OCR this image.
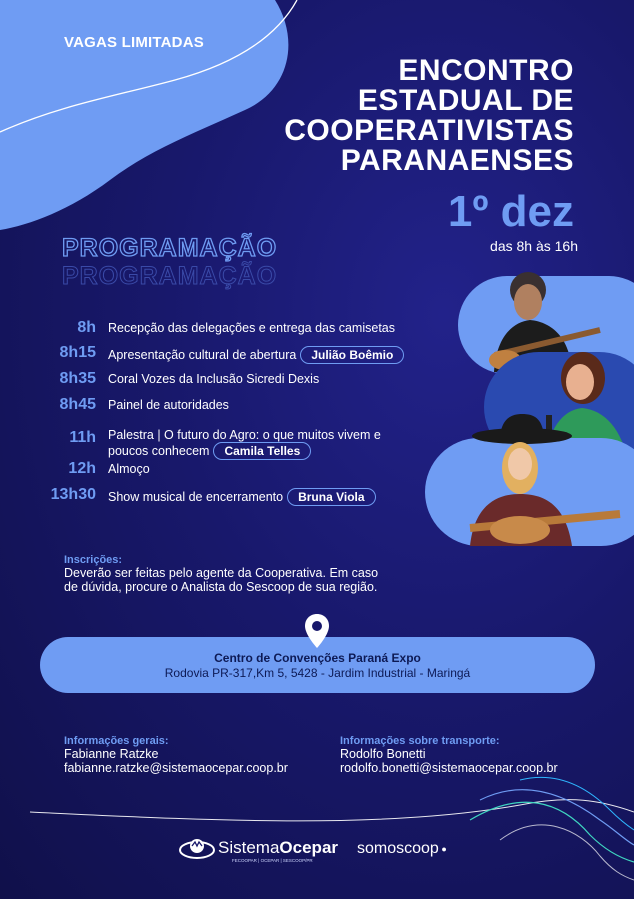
VAGAS LIMITADAS
ENCONTRO
ESTADUAL DE
COOPERATIVISTAS
PARANAENSES
1º dez
das 8h às 16h
PROGRAMAÇÃO
PROGRAMAÇÃO
8h Recepção das delegações e entrega das camisetas
8h15 Apresentação cultural de abertura Julião Boêmio
8h35 Coral Vozes da Inclusão Sicredi Dexis
8h45 Painel de autoridades
11h Palestra | O futuro do Agro: o que muitos vivem e
poucos conhecem Camila Telles
12h Almoço
13h30 Show musical de encerramento Bruna Viola
Inscrições:
Deverão ser feitas pelo agente da Cooperativa. Em caso
de dúvida, procure o Analista do Sescoop de sua região.
Centro de Convenções Paraná Expo
Rodovia PR-317,Km 5, 5428 - Jardim Industrial - Maringá
Informações gerais:
Fabianne Ratzke
fabianne.ratzke@sistemaocepar.coop.br
Informações sobre transporte:
Rodolfo Bonetti
rodolfo.bonetti@sistemaocepar.coop.br
SistemaOcepar
FECOOPAR | OCEPAR | SESCOOP/PR
somoscoop ●
